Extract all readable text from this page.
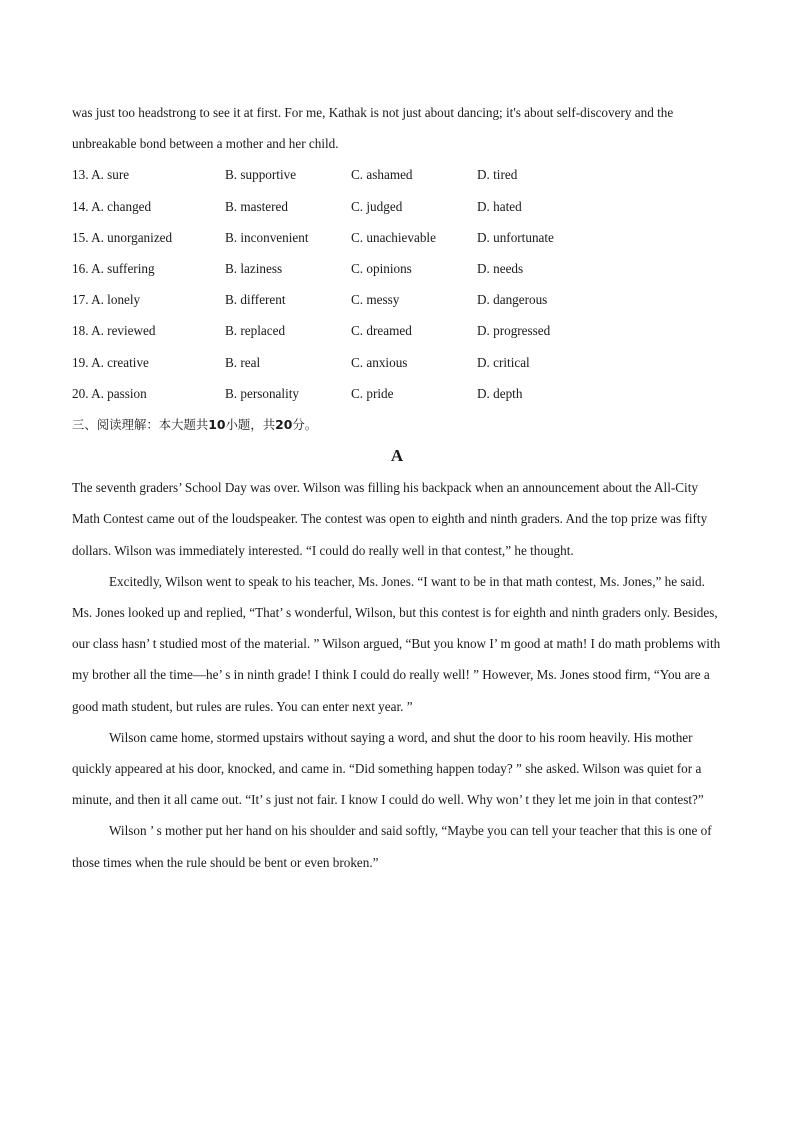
was just too headstrong to see it at first. For me, Kathak is not just about dancing; it's about self-discovery and the

unbreakable bond between a mother and her child.

13. A. sure	B. supportive	C. ashamed	D. tired
14. A. changed	B. mastered	C. judged	D. hated
15. A. unorganized	B. inconvenient	C. unachievable	D. unfortunate
16. A. suffering	B. laziness	C. opinions	D. needs
17. A. lonely	B. different	C. messy	D. dangerous
18. A. reviewed	B. replaced	C. dreamed	D. progressed
19. A. creative	B. real	C. anxious	D. critical
20. A. passion	B. personality	C. pride	D. depth

三、阅读理解：本大题共10小题，共20分。

A

The seventh graders’ School Day was over. Wilson was filling his backpack when an announcement about the All-City Math Contest came out of the loudspeaker. The contest was open to eighth and ninth graders. And the top prize was fifty dollars. Wilson was immediately interested. “I could do really well in that contest,” he thought.

Excitedly, Wilson went to speak to his teacher, Ms. Jones. “I want to be in that math contest, Ms. Jones,” he said. Ms. Jones looked up and replied, “That’ s wonderful, Wilson, but this contest is for eighth and ninth graders only. Besides, our class hasn’ t studied most of the material. ” Wilson argued, “But you know I’ m good at math! I do math problems with my brother all the time—he’ s in ninth grade! I think I could do really well! ” However, Ms. Jones stood firm, “You are a good math student, but rules are rules. You can enter next year. ”

Wilson came home, stormed upstairs without saying a word, and shut the door to his room heavily. His mother quickly appeared at his door, knocked, and came in. “Did something happen today? ” she asked. Wilson was quiet for a minute, and then it all came out. “It’ s just not fair. I know I could do well. Why won’ t they let me join in that contest?”

Wilson ’ s mother put her hand on his shoulder and said softly, “Maybe you can tell your teacher that this is one of those times when the rule should be bent or even broken.”
